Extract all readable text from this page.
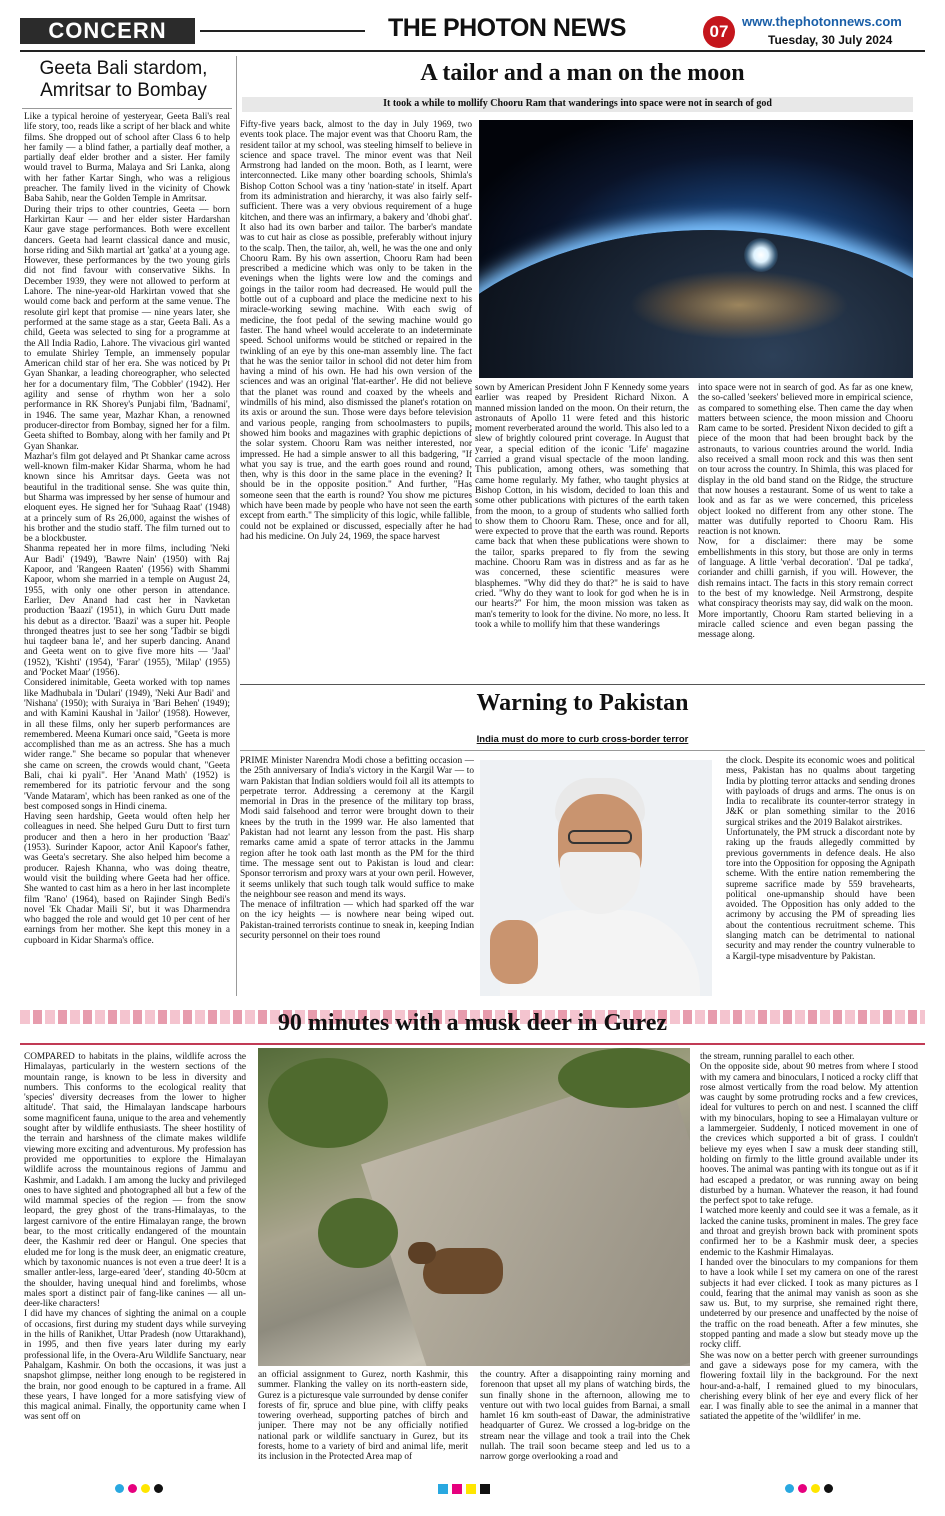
CONCERN	THE PHOTON NEWS	07
www.thephotonnews.com
Tuesday, 30 July 2024
Geeta Bali stardom,
Amritsar to Bombay

Like a typical heroine of yesteryear, Geeta Bali's real life story, too, reads like a script of her black and white films. She dropped out of school after Class 6 to help her family — a blind father, a partially deaf mother, a partially deaf elder brother and a sister. Her family would travel to Burma, Malaya and Sri Lanka, along with her father Kartar Singh, who was a religious preacher. The family lived in the vicinity of Chowk Baba Sahib, near the Golden Temple in Amritsar.

During their trips to other countries, Geeta — born Harkirtan Kaur — and her elder sister Hardarshan Kaur gave stage performances. Both were excellent dancers. Geeta had learnt classical dance and music, horse riding and Sikh martial art 'gatka' at a young age. However, these performances by the two young girls did not find favour with conservative Sikhs. In December 1939, they were not allowed to perform at Lahore. The nine-year-old Harkirtan vowed that she would come back and perform at the same venue. The resolute girl kept that promise — nine years later, she performed at the same stage as a star, Geeta Bali. As a child, Geeta was selected to sing for a programme at the All India Radio, Lahore. The vivacious girl wanted to emulate Shirley Temple, an immensely popular American child star of her era. She was noticed by Pt Gyan Shankar, a leading choreographer, who selected her for a documentary film, 'The Cobbler' (1942). Her agility and sense of rhythm won her a solo performance in RK Shorey's Punjabi film, 'Badnami', in 1946. The same year, Mazhar Khan, a renowned producer-director from Bombay, signed her for a film. Geeta shifted to Bombay, along with her family and Pt Gyan Shankar.

Mazhar's film got delayed and Pt Shankar came across well-known film-maker Kidar Sharma, whom he had known since his Amritsar days. Geeta was not beautiful in the traditional sense. She was quite thin, but Sharma was impressed by her sense of humour and eloquent eyes. He signed her for 'Suhaag Raat' (1948) at a princely sum of Rs 26,000, against the wishes of his brother and the studio staff. The film turned out to be a blockbuster.

Shanma repeated her in more films, including 'Neki Aur Badi' (1949), 'Bawre Nain' (1950) with Raj Kapoor, and 'Rangeen Raaten' (1956) with Shammi Kapoor, whom she married in a temple on August 24, 1955, with only one other person in attendance. Earlier, Dev Anand had cast her in Navketan production 'Baazi' (1951), in which Guru Dutt made his debut as a director. 'Baazi' was a super hit. People thronged theatres just to see her song 'Tadbir se bigdi hui taqdeer bana le', and her superb dancing. Anand and Geeta went on to give five more hits — 'Jaal' (1952), 'Kishti' (1954), 'Farar' (1955), 'Milap' (1955) and 'Pocket Maar' (1956).

Considered inimitable, Geeta worked with top names like Madhubala in 'Dulari' (1949), 'Neki Aur Badi' and 'Nishana' (1950); with Suraiya in 'Bari Behen' (1949); and with Kamini Kaushal in 'Jailor' (1958). However, in all these films, only her superb performances are remembered. Meena Kumari once said, "Geeta is more accomplished than me as an actress. She has a much wider range." She became so popular that whenever she came on screen, the crowds would chant, "Geeta Bali, chai ki pyali". Her 'Anand Math' (1952) is remembered for its patriotic fervour and the song 'Vande Mataram', which has been ranked as one of the best composed songs in Hindi cinema.

Having seen hardship, Geeta would often help her colleagues in need. She helped Guru Dutt to first turn producer and then a hero in her production 'Baaz' (1953). Surinder Kapoor, actor Anil Kapoor's father, was Geeta's secretary. She also helped him become a producer. Rajesh Khanna, who was doing theatre, would visit the building where Geeta had her office. She wanted to cast him as a hero in her last incomplete film 'Rano' (1964), based on Rajinder Singh Bedi's novel 'Ek Chadar Maili Si', but it was Dharmendra who bagged the role and would get 10 per cent of her earnings from her mother. She kept this money in a cupboard in Kidar Sharma's office.

A tailor and a man on the moon
It took a while to mollify Chooru Ram that wanderings into space were not in search of god

Fifty-five years back, almost to the day in July 1969, two events took place. The major event was that Chooru Ram, the resident tailor at my school, was steeling himself to believe in science and space travel. The minor event was that Neil Armstrong had landed on the moon. Both, as I learnt, were interconnected. Like many other boarding schools, Shimla's Bishop Cotton School was a tiny 'nation-state' in itself. Apart from its administration and hierarchy, it was also fairly self-sufficient. There was a very obvious requirement of a huge kitchen, and there was an infirmary, a bakery and 'dhobi ghat'. It also had its own barber and tailor. The barber's mandate was to cut hair as close as possible, preferably without injury to the scalp. Then, the tailor, ah, well, he was the one and only Chooru Ram. By his own assertion, Chooru Ram had been prescribed a medicine which was only to be taken in the evenings when the lights were low and the comings and goings in the tailor room had decreased. He would pull the bottle out of a cupboard and place the medicine next to his miracle-working sewing machine. With each swig of medicine, the foot pedal of the sewing machine would go faster. The hand wheel would accelerate to an indeterminate speed. School uniforms would be stitched or repaired in the twinkling of an eye by this one-man assembly line. The fact that he was the senior tailor in school did not deter him from having a mind of his own. He had his own version of the sciences and was an original 'flat-earther'. He did not believe that the planet was round and coaxed by the wheels and windmills of his mind, also dismissed the planet's rotation on its axis or around the sun. Those were days before television and various people, ranging from schoolmasters to pupils, showed him books and magazines with graphic depictions of the solar system. Chooru Ram was neither interested, nor impressed. He had a simple answer to all this badgering, "If what you say is true, and the earth goes round and round, then, why is this door in the same place in the evening? It should be in the opposite position." And further, "Has someone seen that the earth is round? You show me pictures which have been made by people who have not seen the earth except from earth." The simplicity of this logic, while fallible, could not be explained or discussed, especially after he had had his medicine. On July 24, 1969, the space harvest

sown by American President John F Kennedy some years earlier was reaped by President Richard Nixon. A manned mission landed on the moon. On their return, the astronauts of Apollo 11 were feted and this historic moment reverberated around the world. This also led to a slew of brightly coloured print coverage. In August that year, a special edition of the iconic 'Life' magazine carried a grand visual spectacle of the moon landing. This publication, among others, was something that came home regularly. My father, who taught physics at Bishop Cotton, in his wisdom, decided to loan this and some other publications with pictures of the earth taken from the moon, to a group of students who sallied forth to show them to Chooru Ram. These, once and for all, were expected to prove that the earth was round. Reports came back that when these publications were shown to the tailor, sparks prepared to fly from the sewing machine. Chooru Ram was in distress and as far as he was concerned, these scientific measures were blasphemes. "Why did they do that?" he is said to have cried. "Why do they want to look for god when he is in our hearts?" For him, the moon mission was taken as man's temerity to look for the divine. No more, no less. It took a while to mollify him that these wanderings

into space were not in search of god. As far as one knew, the so-called 'seekers' believed more in empirical science, as compared to something else. Then came the day when matters between science, the moon mission and Chooru Ram came to be sorted. President Nixon decided to gift a piece of the moon that had been brought back by the astronauts, to various countries around the world. India also received a small moon rock and this was then sent on tour across the country. In Shimla, this was placed for display in the old band stand on the Ridge, the structure that now houses a restaurant. Some of us went to take a look and as far as we were concerned, this priceless object looked no different from any other stone. The matter was dutifully reported to Chooru Ram. His reaction is not known.

Now, for a disclaimer: there may be some embellishments in this story, but those are only in terms of language. A little 'verbal decoration'. 'Dal pe tadka', coriander and chilli garnish, if you will. However, the dish remains intact. The facts in this story remain correct to the best of my knowledge. Neil Armstrong, despite what conspiracy theorists may say, did walk on the moon. More importantly, Chooru Ram started believing in a miracle called science and even began passing the message along.

Warning to Pakistan
India must do more to curb cross-border terror

PRIME Minister Narendra Modi chose a befitting occasion — the 25th anniversary of India's victory in the Kargil War — to warn Pakistan that Indian soldiers would foil all its attempts to perpetrate terror. Addressing a ceremony at the Kargil memorial in Dras in the presence of the military top brass, Modi said falsehood and terror were brought down to their knees by the truth in the 1999 war. He also lamented that Pakistan had not learnt any lesson from the past. His sharp remarks came amid a spate of terror attacks in the Jammu region after he took oath last month as the PM for the third time. The message sent out to Pakistan is loud and clear: Sponsor terrorism and proxy wars at your own peril. However, it seems unlikely that such tough talk would suffice to make the neighbour see reason and mend its ways.

The menace of infiltration — which had sparked off the war on the icy heights — is nowhere near being wiped out. Pakistan-trained terrorists continue to sneak in, keeping Indian security personnel on their toes round

the clock. Despite its economic woes and political mess, Pakistan has no qualms about targeting India by plotting terror attacks and sending drones with payloads of drugs and arms. The onus is on India to recalibrate its counter-terror strategy in J&K or plan something similar to the 2016 surgical strikes and the 2019 Balakot airstrikes.

Unfortunately, the PM struck a discordant note by raking up the frauds allegedly committed by previous governments in defence deals. He also tore into the Opposition for opposing the Agnipath scheme. With the entire nation remembering the supreme sacrifice made by 559 bravehearts, political one-upmanship should have been avoided. The Opposition has only added to the acrimony by accusing the PM of spreading lies about the contentious recruitment scheme. This slanging match can be detrimental to national security and may render the country vulnerable to a Kargil-type misadventure by Pakistan.

90 minutes with a musk deer in Gurez

COMPARED to habitats in the plains, wildlife across the Himalayas, particularly in the western sections of the mountain range, is known to be less in diversity and numbers. This conforms to the ecological reality that 'species' diversity decreases from the lower to higher altitude'. That said, the Himalayan landscape harbours some magnificent fauna, unique to the area and vehemently sought after by wildlife enthusiasts. The sheer hostility of the terrain and harshness of the climate makes wildlife viewing more exciting and adventurous. My profession has provided me opportunities to explore the Himalayan wildlife across the mountainous regions of Jammu and Kashmir, and Ladakh. I am among the lucky and privileged ones to have sighted and photographed all but a few of the wild mammal species of the region — from the snow leopard, the grey ghost of the trans-Himalayas, to the largest carnivore of the entire Himalayan range, the brown bear, to the most critically endangered of the mountain deer, the Kashmir red deer or Hangul. One species that eluded me for long is the musk deer, an enigmatic creature, which by taxonomic nuances is not even a true deer! It is a smaller antler-less, large-eared 'deer', standing 40-50cm at the shoulder, having unequal hind and forelimbs, whose males sport a distinct pair of fang-like canines — all un-deer-like characters!

I did have my chances of sighting the animal on a couple of occasions, first during my student days while surveying in the hills of Ranikhet, Uttar Pradesh (now Uttarakhand), in 1995, and then five years later during my early professional life, in the Overa-Aru Wildlife Sanctuary, near Pahalgam, Kashmir. On both the occasions, it was just a snapshot glimpse, neither long enough to be registered in the brain, nor good enough to be captured in a frame. All these years, I have longed for a more satisfying view of this magical animal. Finally, the opportunity came when I was sent off on

an official assignment to Gurez, north Kashmir, this summer. Flanking the valley on its north-eastern side, Gurez is a picturesque vale surrounded by dense conifer forests of fir, spruce and blue pine, with cliffy peaks towering overhead, supporting patches of birch and juniper. There may not be any officially notified national park or wildlife sanctuary in Gurez, but its forests, home to a variety of bird and animal life, merit its inclusion in the Protected Area map of

the country. After a disappointing rainy morning and forenoon that upset all my plans of watching birds, the sun finally shone in the afternoon, allowing me to venture out with two local guides from Barnai, a small hamlet 16 km south-east of Dawar, the administrative headquarter of Gurez. We crossed a log-bridge on the stream near the village and took a trail into the Chek nullah. The trail soon became steep and led us to a narrow gorge overlooking a road and

the stream, running parallel to each other.

On the opposite side, about 90 metres from where I stood with my camera and binoculars, I noticed a rocky cliff that rose almost vertically from the road below. My attention was caught by some protruding rocks and a few crevices, ideal for vultures to perch on and nest. I scanned the cliff with my binoculars, hoping to see a Himalayan vulture or a lammergeier. Suddenly, I noticed movement in one of the crevices which supported a bit of grass. I couldn't believe my eyes when I saw a musk deer standing still, holding on firmly to the little ground available under its hooves. The animal was panting with its tongue out as if it had escaped a predator, or was running away on being disturbed by a human. Whatever the reason, it had found the perfect spot to take refuge.

I watched more keenly and could see it was a female, as it lacked the canine tusks, prominent in males. The grey face and throat and greyish brown back with prominent spots confirmed her to be a Kashmir musk deer, a species endemic to the Kashmir Himalayas.

I handed over the binoculars to my companions for them to have a look while I set my camera on one of the rarest subjects it had ever clicked. I took as many pictures as I could, fearing that the animal may vanish as soon as she saw us. But, to my surprise, she remained right there, undeterred by our presence and unaffected by the noise of the traffic on the road beneath. After a few minutes, she stopped panting and made a slow but steady move up the rocky cliff.

She was now on a better perch with greener surroundings and gave a sideways pose for my camera, with the flowering foxtail lily in the background. For the next hour-and-a-half, I remained glued to my binoculars, cherishing every blink of her eye and every flick of her ear. I was finally able to see the animal in a manner that satiated the appetite of the 'wildlifer' in me.
